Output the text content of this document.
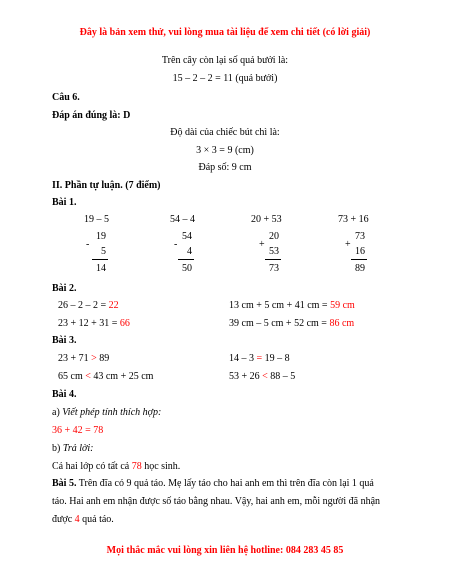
Đây là bản xem thử, vui lòng mua tài liệu để xem chi tiết (có lời giải)
Trên cây còn lại số quả bưởi là:
15 – 2 – 2 = 11 (quả bưởi)
Câu 6.
Đáp án đúng là: D
Độ dài của chiếc bút chì là:
3 × 3 = 9 (cm)
Đáp số: 9 cm
II. Phần tự luận. (7 điểm)
Bài 1.
19 – 5
-
19
5
14
54 – 4
-
54
4
50
20 + 53
+
20
53
73
73 + 16
+
73
16
89
Bài 2.
26 – 2 – 2 = 22
23 + 12 + 31 = 66
13 cm + 5 cm + 41 cm = 59 cm
39 cm – 5 cm + 52 cm = 86 cm
Bài 3.
23 + 71 > 89
65 cm < 43 cm + 25 cm
14 – 3 = 19 – 8
53 + 26 < 88 – 5
Bài 4.
a) Viết phép tính thích hợp:
36 + 42 = 78
b) Trả lời:
Cả hai lớp có tất cả 78 học sinh.
Bài 5. Trên đĩa có 9 quả táo. Mẹ lấy táo cho hai anh em thì trên đĩa còn lại 1 quả
táo. Hai anh em nhận được số táo bằng nhau. Vậy, hai anh em, mỗi người đã nhận
được 4 quả táo.
Mọi thắc mắc vui lòng xin liên hệ hotline: 084 283 45 85
